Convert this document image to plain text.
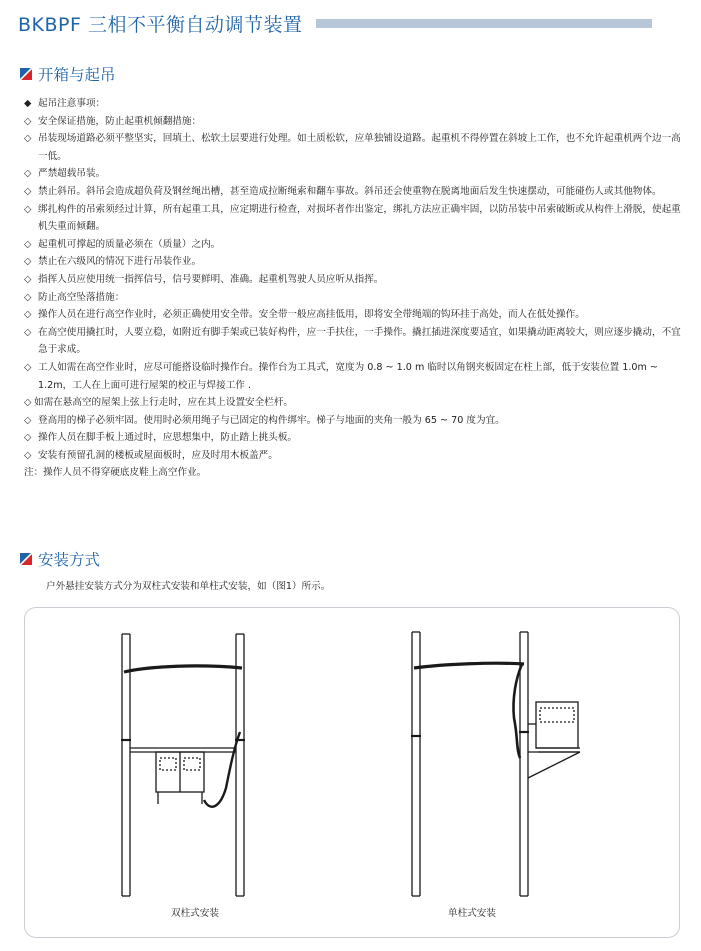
BKBPF 三相不平衡自动调节装置
开箱与起吊
◆ 起吊注意事项：
◇ 安全保证措施，防止起重机倾翻措施：
◇ 吊装现场道路必须平整坚实，回填土、松软土层要进行处理。如土质松软，应单独铺设道路。起重机不得停置在斜坡上工作，也不允许起重机两个边一高一低。
◇ 严禁超载吊装。
◇ 禁止斜吊。斜吊会造成超负荷及钢丝绳出槽，甚至造成拉断绳索和翻车事故。斜吊还会使重物在脱离地面后发生快速摆动，可能碰伤人或其他物体。
◇ 绑扎构件的吊索须经过计算，所有起重工具，应定期进行检查，对损坏者作出鉴定，绑扎方法应正确牢固，以防吊装中吊索破断或从构件上滑脱，使起重机失重而倾翻。
◇ 起重机可撑起的质量必须在（质量）之内。
◇ 禁止在六级风的情况下进行吊装作业。
◇ 指挥人员应使用统一指挥信号，信号要鲜明、准确。起重机驾驶人员应听从指挥。
◇ 防止高空坠落措施：
◇ 操作人员在进行高空作业时，必须正确使用安全带。安全带一般应高挂低用，即将安全带绳端的钩环挂于高处，而人在低处操作。
◇ 在高空使用撬扛时，人要立稳，如附近有脚手架或已装好构件，应一手扶住，一手操作。撬扛插进深度要适宜，如果撬动距离较大，则应逐步撬动，不宜急于求成。
◇ 工人如需在高空作业时，应尽可能搭设临时操作台。操作台为工具式，宽度为 0.8 ~ 1.0 m 临时以角钢夹板固定在柱上部，低于安装位置 1.0m ~ 1.2m，工人在上面可进行屋架的校正与焊接工作 .
◇ 如需在悬高空的屋架上弦上行走时，应在其上设置安全栏杆。
◇ 登高用的梯子必须牢固。使用时必须用绳子与已固定的构件绑牢。梯子与地面的夹角一般为 65 ~ 70 度为宜。
◇ 操作人员在脚手板上通过时，应思想集中，防止踏上挑头板。
◇ 安装有预留孔洞的楼板或屋面板时，应及时用木板盖严。
注：操作人员不得穿硬底皮鞋上高空作业。
安装方式
户外悬挂安装方式分为双柱式安装和单柱式安装，如（图1）所示。
双柱式安装	单柱式安装
